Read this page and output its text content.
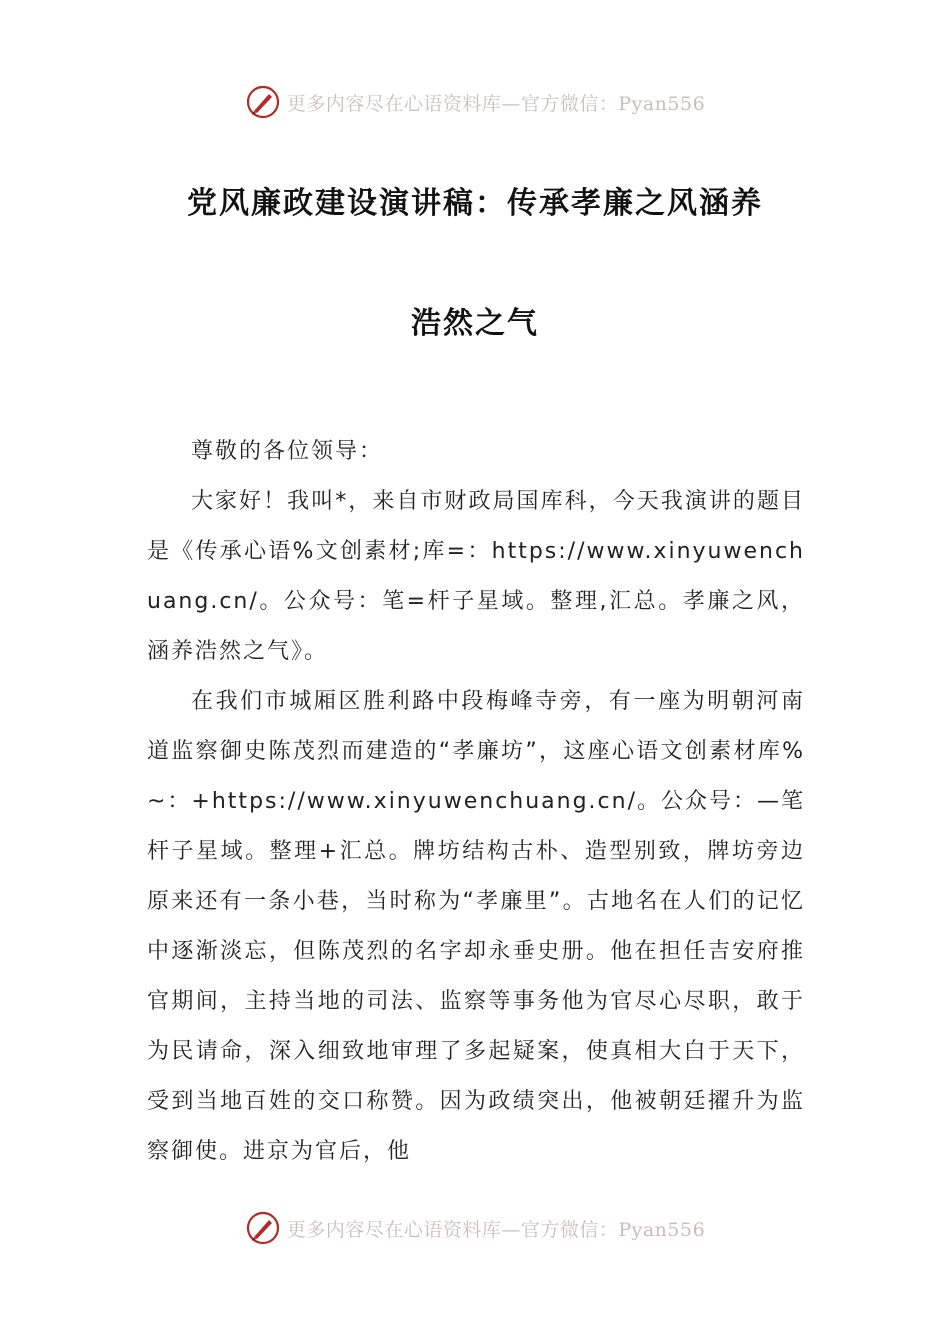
更多内容尽在心语资料库—官方微信：Pyan556
党风廉政建设演讲稿：传承孝廉之风涵养
浩然之气

尊敬的各位领导：

大家好！我叫*，来自市财政局国库科，今天我演讲的题目是《传承心语%文创素材;库=：https://www.xinyuwenchuang.cn/。公众号：笔=杆子星域。整理,汇总。孝廉之风，涵养浩然之气》。

在我们市城厢区胜利路中段梅峰寺旁，有一座为明朝河南道监察御史陈茂烈而建造的“孝廉坊”，这座心语文创素材库%~：+https://www.xinyuwenchuang.cn/。公众号：—笔杆子星域。整理+汇总。牌坊结构古朴、造型别致，牌坊旁边原来还有一条小巷，当时称为“孝廉里”。古地名在人们的记忆中逐渐淡忘，但陈茂烈的名字却永垂史册。他在担任吉安府推官期间，主持当地的司法、监察等事务他为官尽心尽职，敢于为民请命，深入细致地审理了多起疑案，使真相大白于天下，受到当地百姓的交口称赞。因为政绩突出，他被朝廷擢升为监察御使。进京为官后，他

更多内容尽在心语资料库—官方微信：Pyan556
